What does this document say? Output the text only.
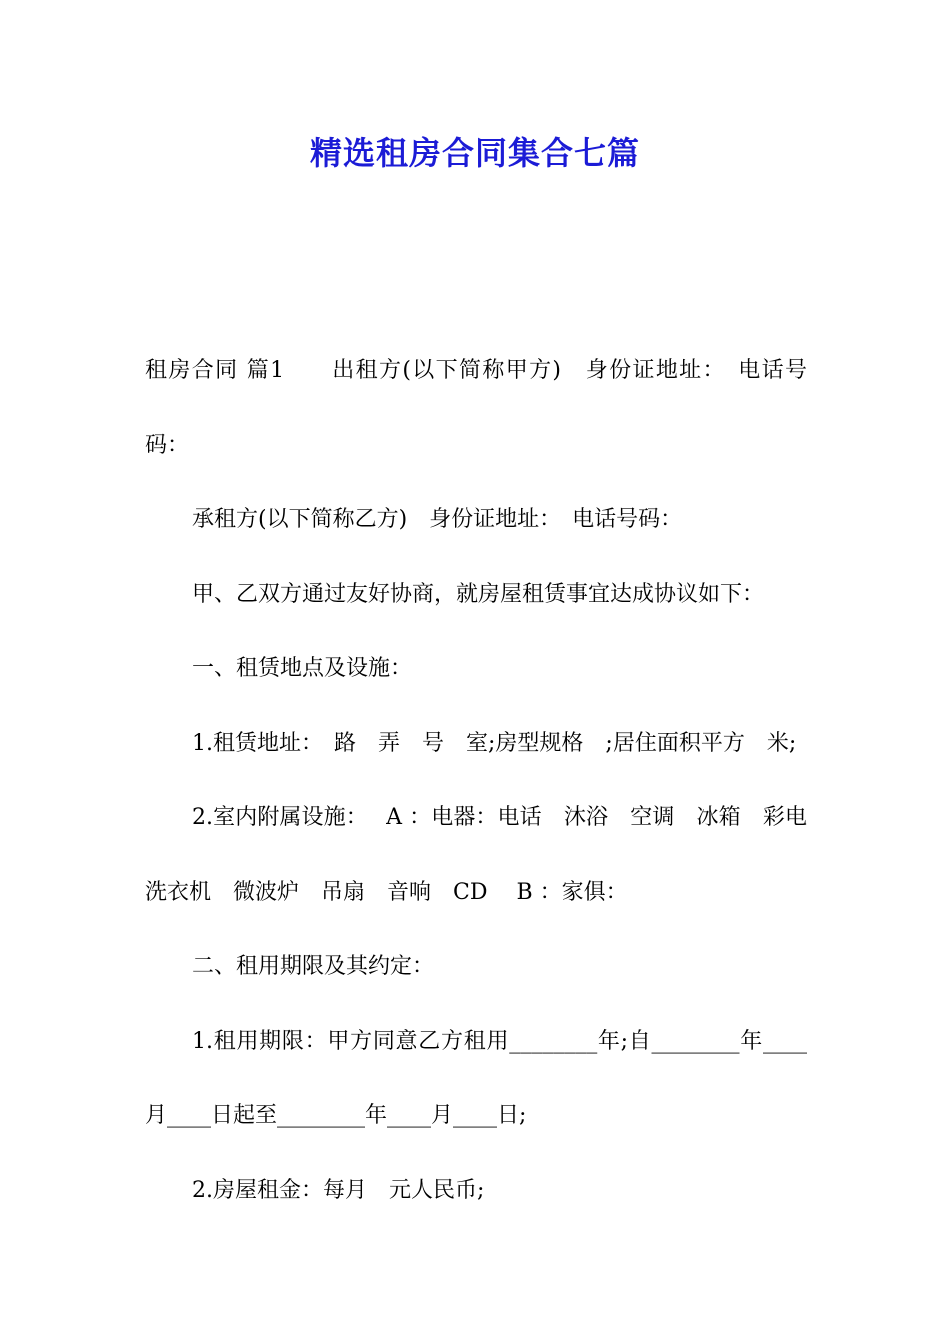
精选租房合同集合七篇

租房合同 篇1　　出租方(以下简称甲方)　身份证地址：　电话号码：

承租方(以下简称乙方)　身份证地址：　电话号码：

甲、乙双方通过友好协商，就房屋租赁事宜达成协议如下：

一、租赁地点及设施：

1.租赁地址：　路　弄　号　室;房型规格　;居住面积平方　米;

2.室内附属设施：　 A ：电器：电话　沐浴　空调　冰箱　彩电　洗衣机　微波炉　吊扇　音响　CD　 B ：家俱：

二、租用期限及其约定：

1.租用期限：甲方同意乙方租用________年;自________年____月____日起至________年____月____日;

2.房屋租金：每月　元人民币;
